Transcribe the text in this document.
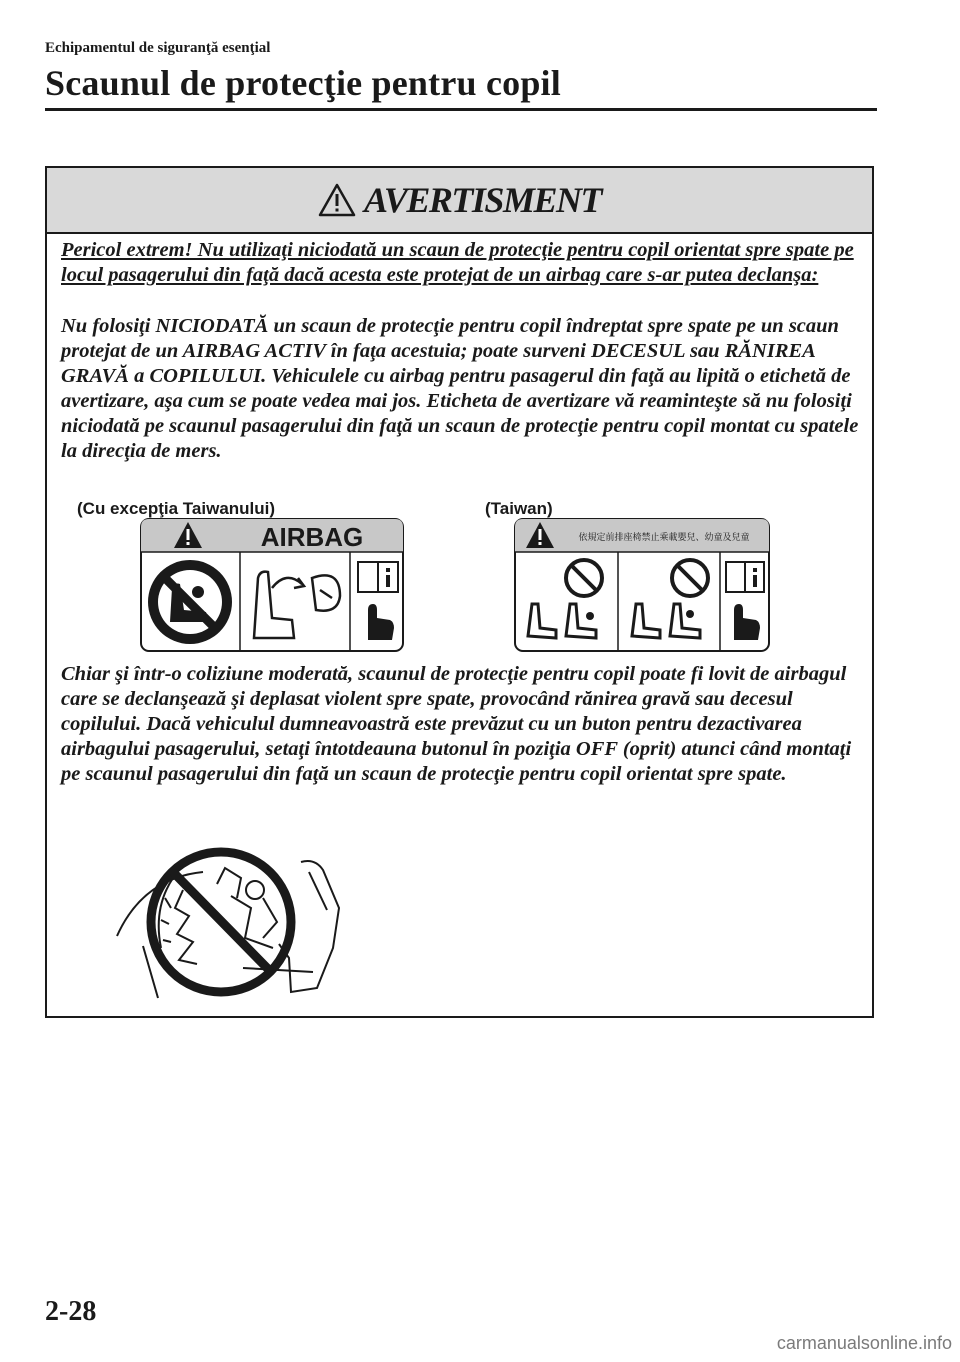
Echipamentul de siguranţă esenţial
Scaunul de protecţie pentru copil
AVERTISMENT
Pericol extrem! Nu utilizaţi niciodată un scaun de protecţie pentru copil orientat spre spate pe locul pasagerului din faţă dacă acesta este protejat de un airbag care s-ar putea declanşa:
Nu folosiţi NICIODATĂ un scaun de protecţie pentru copil îndreptat spre spate pe un scaun protejat de un AIRBAG ACTIV în faţa acestuia; poate surveni DECESUL sau RĂNIREA GRAVĂ a COPILULUI. Vehiculele cu airbag pentru pasagerul din faţă au lipită o etichetă de avertizare, aşa cum se poate vedea mai jos. Eticheta de avertizare vă reaminteşte să nu folosiţi niciodată pe scaunul pasagerului din faţă un scaun de protecţie pentru copil montat cu spatele la direcţia de mers.
(Cu excepţia Taiwanului)	(Taiwan)
AIRBAG	依規定前排座椅禁止乘載嬰兒、幼童及兒童
Chiar şi într-o coliziune moderată, scaunul de protecţie pentru copil poate fi lovit de airbagul care se declanşează şi deplasat violent spre spate, provocând rănirea gravă sau decesul copilului. Dacă vehiculul dumneavoastră este prevăzut cu un buton pentru dezactivarea airbagului pasagerului, setaţi întotdeauna butonul în poziţia OFF (oprit) atunci când montaţi pe scaunul pasagerului din faţă un scaun de protecţie pentru copil orientat spre spate.
2-28
carmanualsonline.info
